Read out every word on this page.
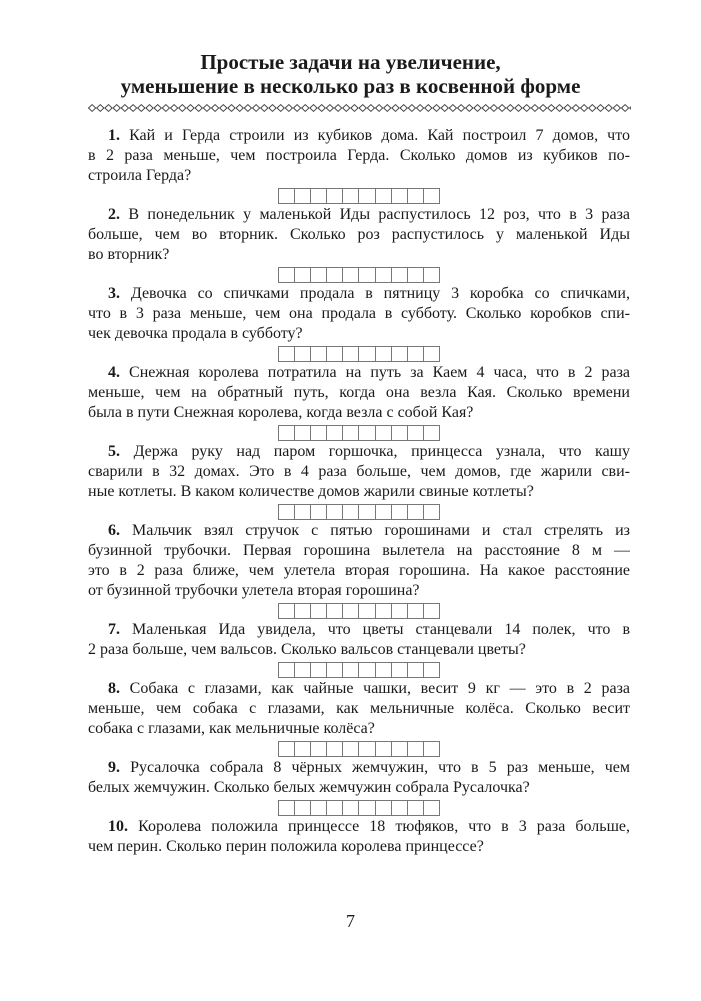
Простые задачи на увеличение,
уменьшение в несколько раз в косвенной форме
1. Кай и Герда строили из кубиков дома. Кай построил 7 домов, что
в 2 раза меньше, чем построила Герда. Сколько домов из кубиков по-
строила Герда?
2. В понедельник у маленькой Иды распустилось 12 роз, что в 3 раза
больше, чем во вторник. Сколько роз распустилось у маленькой Иды
во вторник?
3. Девочка со спичками продала в пятницу 3 коробка со спичками,
что в 3 раза меньше, чем она продала в субботу. Сколько коробков спи-
чек девочка продала в субботу?
4. Снежная королева потратила на путь за Каем 4 часа, что в 2 раза
меньше, чем на обратный путь, когда она везла Кая. Сколько времени
была в пути Снежная королева, когда везла с собой Кая?
5. Держа руку над паром горшочка, принцесса узнала, что кашу
сварили в 32 домах. Это в 4 раза больше, чем домов, где жарили сви-
ные котлеты. В каком количестве домов жарили свиные котлеты?
6. Мальчик взял стручок с пятью горошинами и стал стрелять из
бузинной трубочки. Первая горошина вылетела на расстояние 8 м —
это в 2 раза ближе, чем улетела вторая горошина. На какое расстояние
от бузинной трубочки улетела вторая горошина?
7. Маленькая Ида увидела, что цветы станцевали 14 полек, что в
2 раза больше, чем вальсов. Сколько вальсов станцевали цветы?
8. Собака с глазами, как чайные чашки, весит 9 кг — это в 2 раза
меньше, чем собака с глазами, как мельничные колёса. Сколько весит
собака с глазами, как мельничные колёса?
9. Русалочка собрала 8 чёрных жемчужин, что в 5 раз меньше, чем
белых жемчужин. Сколько белых жемчужин собрала Русалочка?
10. Королева положила принцессе 18 тюфяков, что в 3 раза больше,
чем перин. Сколько перин положила королева принцессе?
7
